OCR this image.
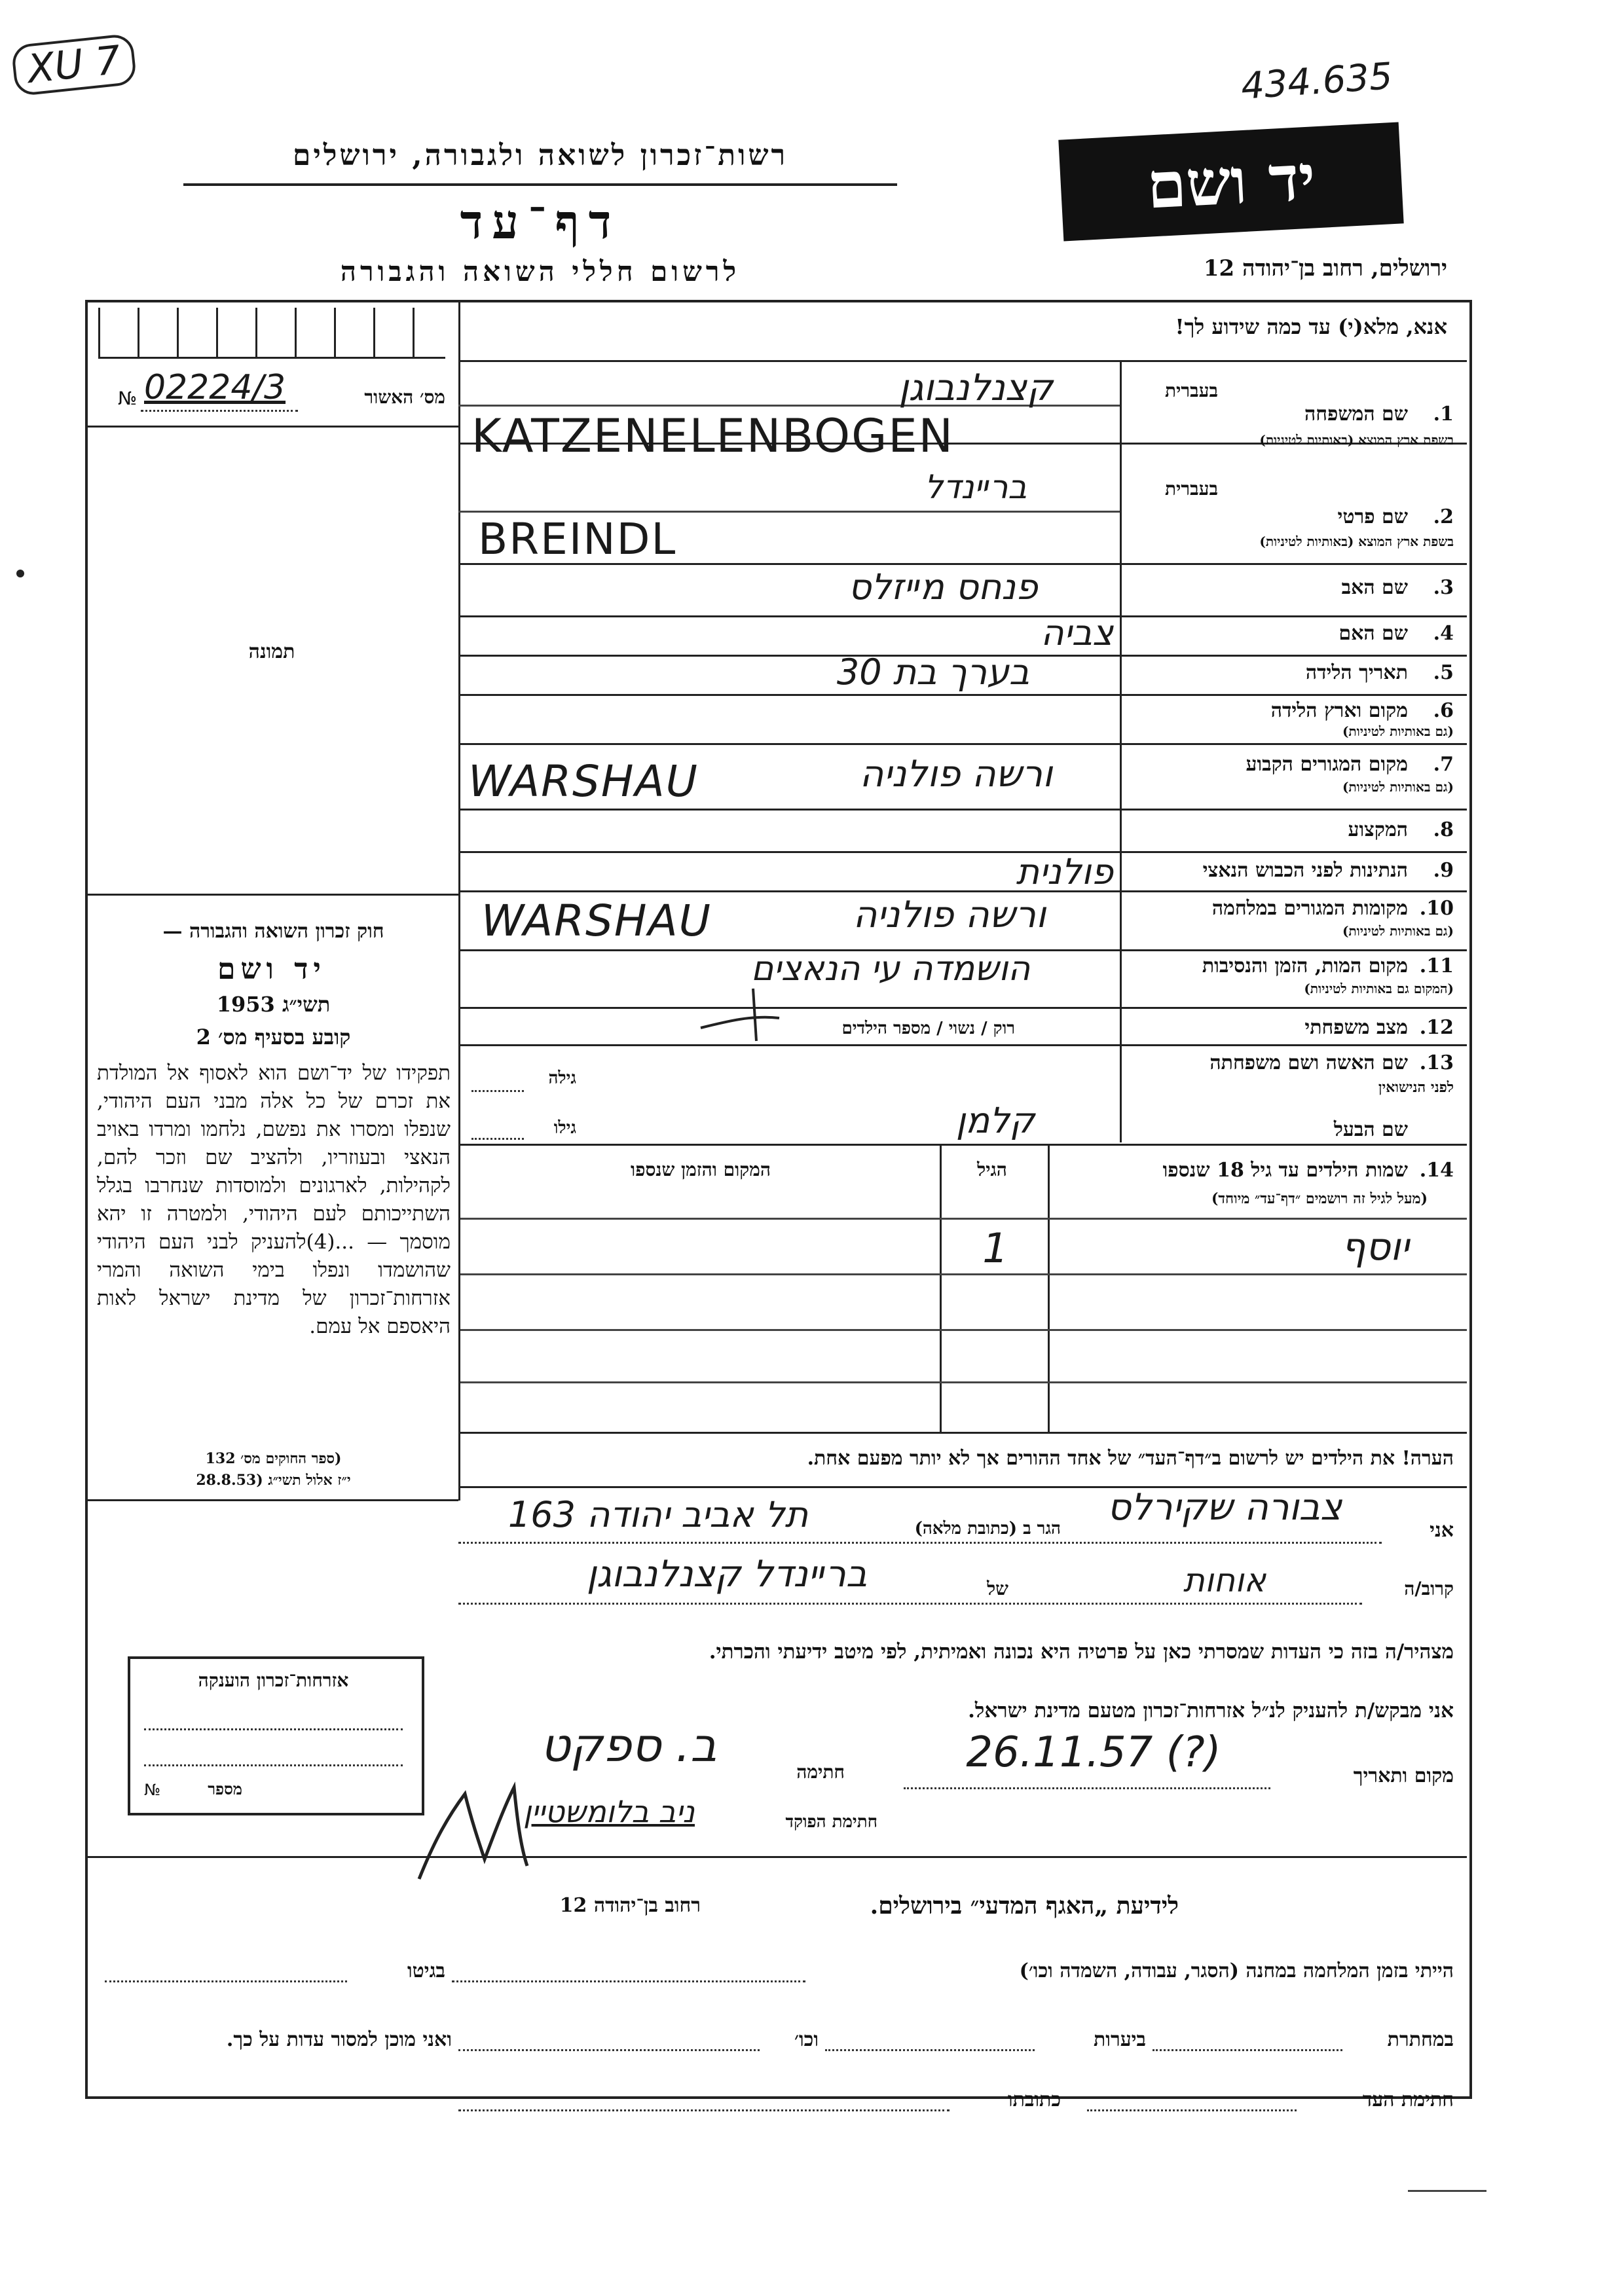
XU 7	434.635
רשות־זכרון לשואה ולגבורה, ירושלים
דף־עד
לרשום חללי השואה והגבורה
יד ושם
ירושלים, רחוב בן־יהודה 12
אנא, מלא(י) עד כמה שידוע לך!
מס׳ האשור
№ 02224/3
תמונה
בעברית
1.
שם המשפחה
בשפת ארץ המוצא (באותיות לטיניות)
קצנלנבוגן
KATZENELENBOGEN
בעברית
2.
שם פרטי
בשפת ארץ המוצא (באותיות לטיניות)
ברײנדל
BREINDL
3.
שם האב
פנחס מײזלס
4.
שם האם
צביה
5.
תאריך הלידה
בערך בת 30
6.
מקום וארץ הלידה
(גם באותיות לטיניות)
7.
מקום המגורים הקבוע
(גם באותיות לטיניות)
ורשה פולניה
WARSHAU
8.
המקצוע
9.
הנתינות לפני הכבוש הנאצי
פולנית
10.
מקומות המגורים במלחמה
(גם באותיות לטיניות)
ורשה פולניה
WARSHAU
11.
מקום המות, הזמן והנסיבות
(המקום גם באותיות לטיניות)
הושמדה עי הנאצים
12.
מצב משפחתי
רוק / נשוי / מספר הילדים
13.
שם האשה ושם משפחתה
לפני הנישואין
גילה
שם הבעל
קלמן
גילו
14.
שמות הילדים עד גיל 18 שנספו
(מעל לגיל זה רושמים ״דף־עד״ מיוחד)
הגיל
המקום והזמן שנספו
יוסף
1
חוק זכרון השואה והגבורה —
יד ושם
תשי״ג 1953
קובע בסעיף מס׳ 2
תפקידו של יד־ושם הוא לאסוף אל המולדת את זכרם של כל אלה מבני העם היהודי, שנפלו ומסרו את נפשם, נלחמו ומרדו באויב הנאצי ובעוזריו, ולהציב שם וזכר להם, לקהילות, לארגונים ולמוסדות שנחרבו בגלל השתייכותם לעם היהודי, ולמטרה זו יהא מוסמך — ...(4)להעניק לבני העם היהודי שהושמדו ונפלו בימי השואה והמרי אזרחות־זכרון של מדינת ישראל לאות היאספם אל עמם.
(ספר החוקים מס׳ 132
י״ז אלול תשי״ג (28.8.53
הערה! את הילדים יש לרשום ב״דף־העד״ של אחד ההורים אך לא יותר מפעם אחת.
אני
צבורה שקירלס
הגר ב (כתובת מלאה)
תל אביב יהודה 163
קרוב/ה
אוחות
של
ברײנדל קצנלנבוגן
מצהיר/ה בזה כי העדות שמסרתי כאן על פרטיה היא נכונה ואמיתית, לפי מיטב ידיעתי והכרתי.
אני מבקש/ת להעניק לנ״ל אזרחות־זכרון מטעם מדינת ישראל.
מקום ותאריך
26.11.57 (?)
חתימה
ב. ספקט
חתימת הפוקד
ניב בלומשטיין
אזרחות־זכרון הוענקה
מספר
№
לידיעת „האגף המדעי״ בירושלים.
רחוב בן־יהודה 12
הייתי בזמן המלחמה במחנה (הסגר, עבודה, השמדה וכו׳)
בגיטו
במחתרת
ביערות
וכו׳
ואני מוכן למסור עדות על כך.
חתימת העד
כתובתו
